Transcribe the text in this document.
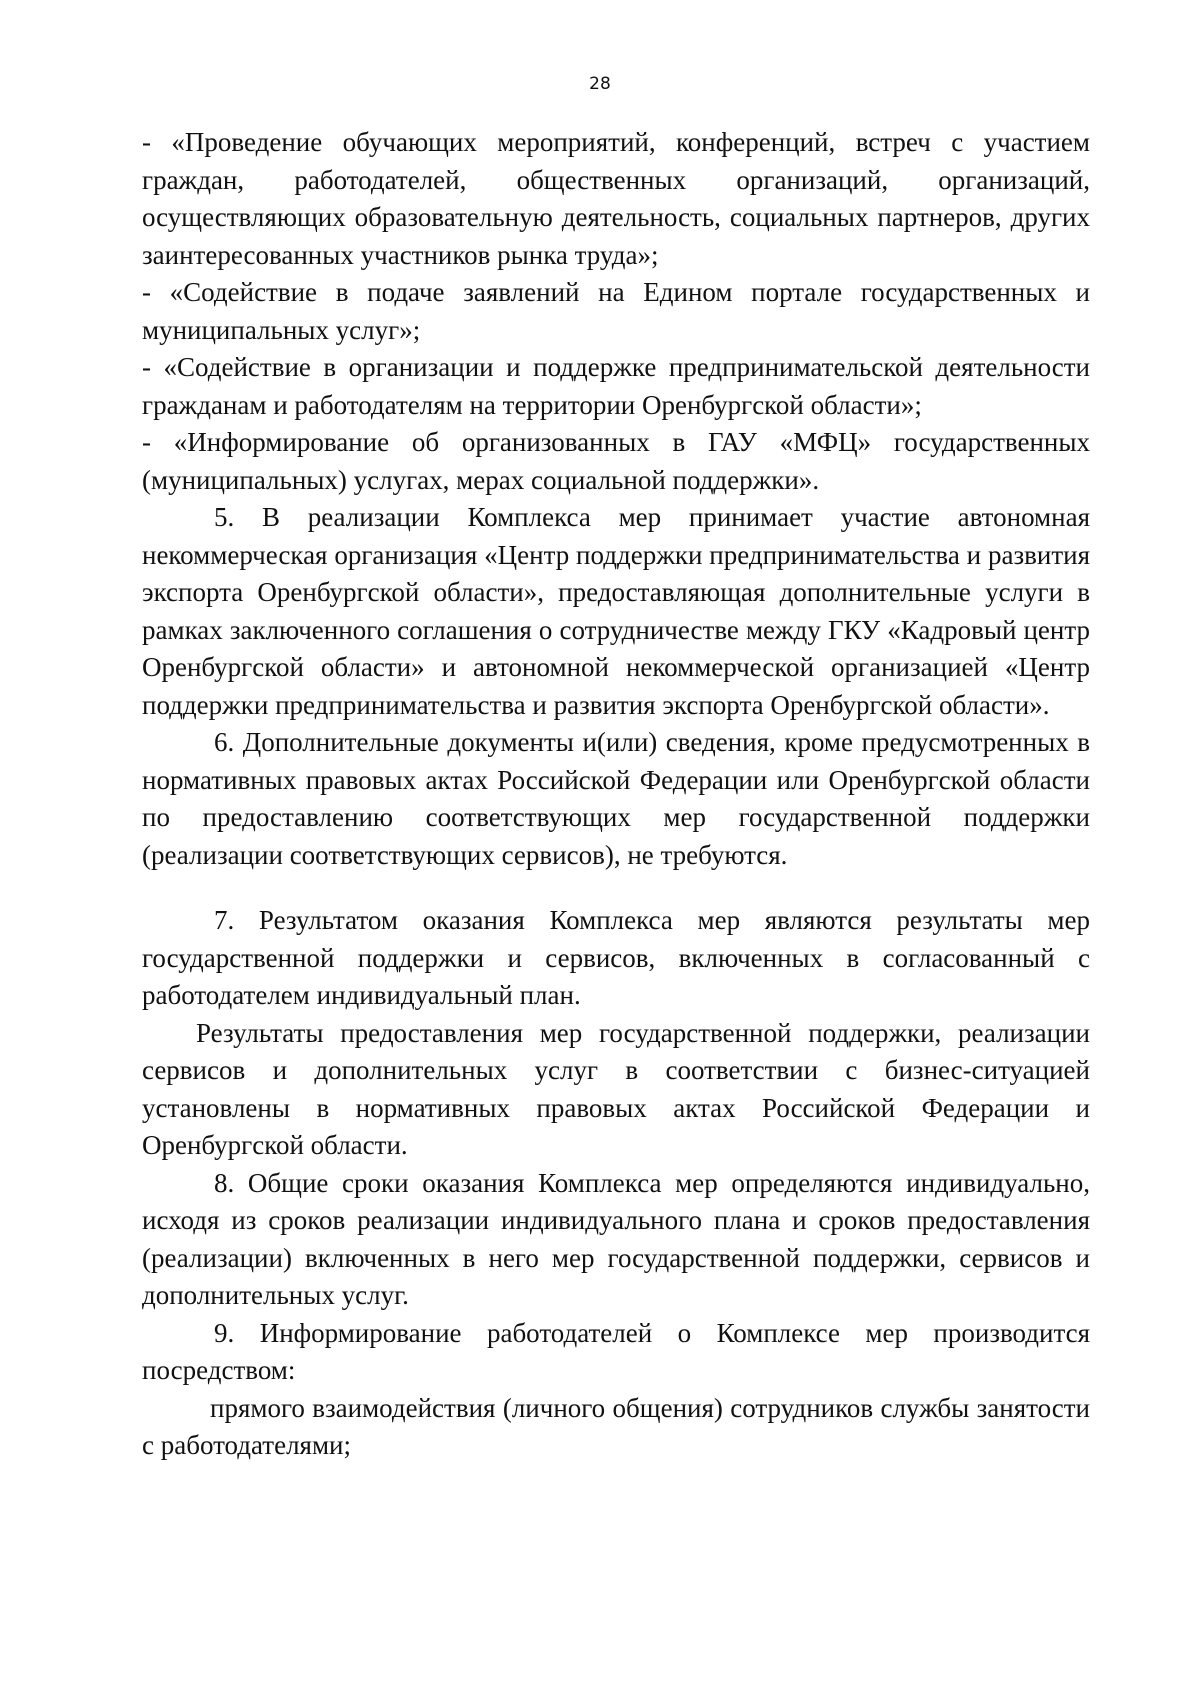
28

- «Проведение обучающих мероприятий, конференций, встреч с участием граждан, работодателей, общественных организаций, организаций, осуществляющих образовательную деятельность, социальных партнеров, других заинтересованных участников рынка труда»;

- «Содействие в подаче заявлений на Едином портале государственных и муниципальных услуг»;

- «Содействие в организации и поддержке предпринимательской деятельности гражданам и работодателям на территории Оренбургской области»;

- «Информирование об организованных в ГАУ «МФЦ» государственных (муниципальных) услугах, мерах социальной поддержки».

5. В реализации Комплекса мер принимает участие автономная некоммерческая организация «Центр поддержки предпринимательства и развития экспорта Оренбургской области», предоставляющая дополнительные услуги в рамках заключенного соглашения о сотрудничестве между ГКУ «Кадровый центр Оренбургской области» и автономной некоммерческой организацией «Центр поддержки предпринимательства и развития экспорта Оренбургской области».

6. Дополнительные документы и(или) сведения, кроме предусмотренных в нормативных правовых актах Российской Федерации или Оренбургской области по предоставлению соответствующих мер государственной поддержки (реализации соответствующих сервисов), не требуются.

7. Результатом оказания Комплекса мер являются результаты мер государственной поддержки и сервисов, включенных в согласованный с работодателем индивидуальный план.

Результаты предоставления мер государственной поддержки, реализации сервисов и дополнительных услуг в соответствии с бизнес-ситуацией установлены в нормативных правовых актах Российской Федерации и Оренбургской области.

8. Общие сроки оказания Комплекса мер определяются индивидуально, исходя из сроков реализации индивидуального плана и сроков предоставления (реализации) включенных в него мер государственной поддержки, сервисов и дополнительных услуг.

9. Информирование работодателей о Комплексе мер производится посредством:

прямого взаимодействия (личного общения) сотрудников службы занятости с работодателями;
